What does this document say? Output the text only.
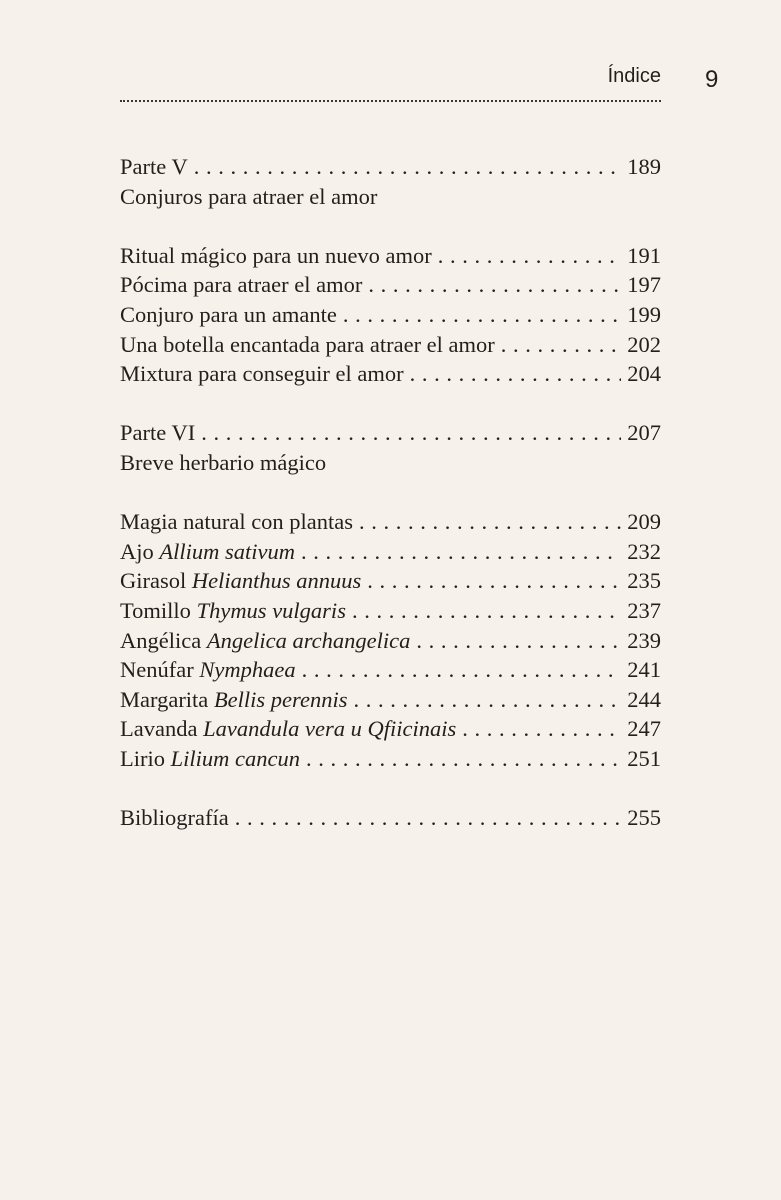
Índice 9
Parte V . . .	189
Conjuros para atraer el amor
Ritual mágico para un nuevo amor . . .	191
Pócima para atraer el amor . . .	197
Conjuro para un amante . . .	199
Una botella encantada para atraer el amor . . .	202
Mixtura para conseguir el amor . . .	204
Parte VI . . .	207
Breve herbario mágico
Magia natural con plantas . . .	209
Ajo Allium sativum . . .	232
Girasol Helianthus annuus . . .	235
Tomillo Thymus vulgaris . . .	237
Angélica Angelica archangelica . . .	239
Nenúfar Nymphaea . . .	241
Margarita Bellis perennis . . .	244
Lavanda Lavandula vera u Qfiicinais . . .	247
Lirio Lilium cancun . . .	251
Bibliografía . . .	255
